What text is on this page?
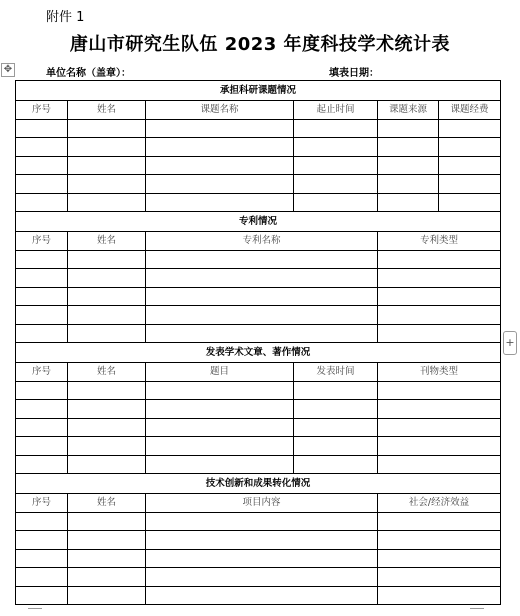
附件 1
唐山市研究生队伍 2023 年度科技学术统计表
✥	单位名称（盖章）：	填表日期：
承担科研课题情况					
序号	姓名	课题名称	起止时间	课题来源	课题经费

专利情况					
序号	姓名	专利名称		专利类型	

发表学术文章、著作情况					
序号	姓名	题目	发表时间	刊物类型	

技术创新和成果转化情况					
序号	姓名	项目内容		社会/经济效益	

+
